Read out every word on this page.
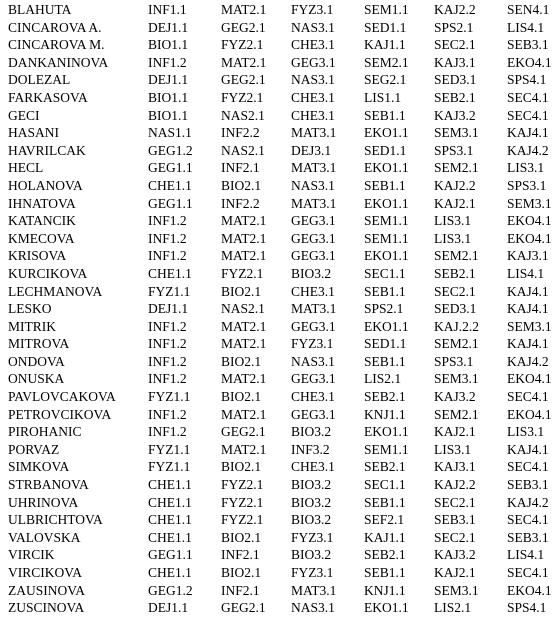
BLAHUTA	INF1.1	MAT2.1	FYZ3.1	SEM1.1	KAJ2.2	SEN4.1
CINCAROVA A.	DEJ1.1	GEG2.1	NAS3.1	SED1.1	SPS2.1	LIS4.1
CINCAROVA M.	BIO1.1	FYZ2.1	CHE3.1	KAJ1.1	SEC2.1	SEB3.1
DANKANINOVA	INF1.2	MAT2.1	GEG3.1	SEM2.1	KAJ3.1	EKO4.1
DOLEZAL	DEJ1.1	GEG2.1	NAS3.1	SEG2.1	SED3.1	SPS4.1
FARKASOVA	BIO1.1	FYZ2.1	CHE3.1	LIS1.1	SEB2.1	SEC4.1
GECI	BIO1.1	NAS2.1	CHE3.1	SEB1.1	KAJ3.2	SEC4.1
HASANI	NAS1.1	INF2.2	MAT3.1	EKO1.1	SEM3.1	KAJ4.1
HAVRILCAK	GEG1.2	NAS2.1	DEJ3.1	SED1.1	SPS3.1	KAJ4.2
HECL	GEG1.1	INF2.1	MAT3.1	EKO1.1	SEM2.1	LIS3.1
HOLANOVA	CHE1.1	BIO2.1	NAS3.1	SEB1.1	KAJ2.2	SPS3.1
IHNATOVA	GEG1.1	INF2.2	MAT3.1	EKO1.1	KAJ2.1	SEM3.1
KATANCIK	INF1.2	MAT2.1	GEG3.1	SEM1.1	LIS3.1	EKO4.1
KMECOVA	INF1.2	MAT2.1	GEG3.1	SEM1.1	LIS3.1	EKO4.1
KRISOVA	INF1.2	MAT2.1	GEG3.1	EKO1.1	SEM2.1	KAJ3.1
KURCIKOVA	CHE1.1	FYZ2.1	BIO3.2	SEC1.1	SEB2.1	LIS4.1
LECHMANOVA	FYZ1.1	BIO2.1	CHE3.1	SEB1.1	SEC2.1	KAJ4.1
LESKO	DEJ1.1	NAS2.1	MAT3.1	SPS2.1	SED3.1	KAJ4.1
MITRIK	INF1.2	MAT2.1	GEG3.1	EKO1.1	KAJ.2.2	SEM3.1
MITROVA	INF1.2	MAT2.1	FYZ3.1	SED1.1	SEM2.1	KAJ4.1
ONDOVA	INF1.2	BIO2.1	NAS3.1	SEB1.1	SPS3.1	KAJ4.2
ONUSKA	INF1.2	MAT2.1	GEG3.1	LIS2.1	SEM3.1	EKO4.1
PAVLOVCAKOVA	FYZ1.1	BIO2.1	CHE3.1	SEB2.1	KAJ3.2	SEC4.1
PETROVCIKOVA	INF1.2	MAT2.1	GEG3.1	KNJ1.1	SEM2.1	EKO4.1
PIROHANIC	INF1.2	GEG2.1	BIO3.2	EKO1.1	KAJ2.1	LIS3.1
PORVAZ	FYZ1.1	MAT2.1	INF3.2	SEM1.1	LIS3.1	KAJ4.1
SIMKOVA	FYZ1.1	BIO2.1	CHE3.1	SEB2.1	KAJ3.1	SEC4.1
STRBANOVA	CHE1.1	FYZ2.1	BIO3.2	SEC1.1	KAJ2.2	SEB3.1
UHRINOVA	CHE1.1	FYZ2.1	BIO3.2	SEB1.1	SEC2.1	KAJ4.2
ULBRICHTOVA	CHE1.1	FYZ2.1	BIO3.2	SEF2.1	SEB3.1	SEC4.1
VALOVSKA	CHE1.1	BIO2.1	FYZ3.1	KAJ1.1	SEC2.1	SEB3.1
VIRCIK	GEG1.1	INF2.1	BIO3.2	SEB2.1	KAJ3.2	LIS4.1
VIRCIKOVA	CHE1.1	BIO2.1	FYZ3.1	SEB1.1	KAJ2.1	SEC4.1
ZAUSINOVA	GEG1.2	INF2.1	MAT3.1	KNJ1.1	SEM3.1	EKO4.1
ZUSCINOVA	DEJ1.1	GEG2.1	NAS3.1	EKO1.1	LIS2.1	SPS4.1
